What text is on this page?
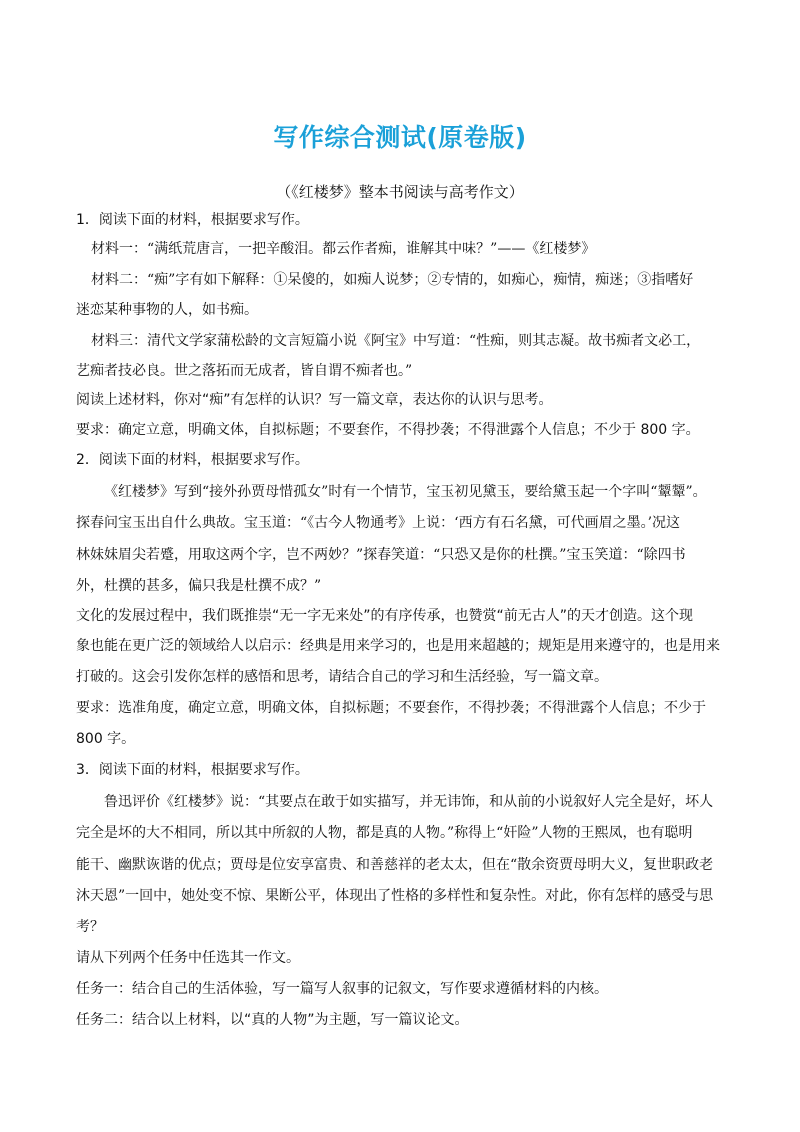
写作综合测试(原卷版)
（《红楼梦》整本书阅读与高考作文）
1．阅读下面的材料，根据要求写作。
材料一：“满纸荒唐言，一把辛酸泪。都云作者痴，谁解其中味？”——《红楼梦》
材料二：“痴”字有如下解释：①呆傻的，如痴人说梦；②专情的，如痴心，痴情，痴迷；③指嗜好
迷恋某种事物的人，如书痴。
材料三：清代文学家蒲松龄的文言短篇小说《阿宝》中写道：“性痴，则其志凝。故书痴者文必工，
艺痴者技必良。世之落拓而无成者，皆自谓不痴者也。”
阅读上述材料，你对“痴”有怎样的认识？写一篇文章，表达你的认识与思考。
要求：确定立意，明确文体，自拟标题；不要套作，不得抄袭；不得泄露个人信息；不少于 800 字。
2．阅读下面的材料，根据要求写作。
《红楼梦》写到“接外孙贾母惜孤女”时有一个情节，宝玉初见黛玉，要给黛玉起一个字叫“颦颦”。
探春问宝玉出自什么典故。宝玉道：“《古今人物通考》上说：‘西方有石名黛，可代画眉之墨。’况这
林妹妹眉尖若蹙，用取这两个字，岂不两妙？”探春笑道：“只恐又是你的杜撰。”宝玉笑道：“除四书
外，杜撰的甚多，偏只我是杜撰不成？”
文化的发展过程中，我们既推崇“无一字无来处”的有序传承，也赞赏“前无古人”的天才创造。这个现
象也能在更广泛的领域给人以启示：经典是用来学习的，也是用来超越的；规矩是用来遵守的，也是用来
打破的。这会引发你怎样的感悟和思考，请结合自己的学习和生活经验，写一篇文章。
要求：选准角度，确定立意，明确文体，自拟标题；不要套作，不得抄袭；不得泄露个人信息；不少于
800 字。
3．阅读下面的材料，根据要求写作。
鲁迅评价《红楼梦》说：“其要点在敢于如实描写，并无讳饰，和从前的小说叙好人完全是好，坏人
完全是坏的大不相同，所以其中所叙的人物，都是真的人物。”称得上“奸险”人物的王熙凤，也有聪明
能干、幽默诙谐的优点；贾母是位安享富贵、和善慈祥的老太太，但在“散余资贾母明大义，复世职政老
沐天恩”一回中，她处变不惊、果断公平，体现出了性格的多样性和复杂性。对此，你有怎样的感受与思
考？
请从下列两个任务中任选其一作文。
任务一：结合自己的生活体验，写一篇写人叙事的记叙文，写作要求遵循材料的内核。
任务二：结合以上材料，以“真的人物”为主题，写一篇议论文。
